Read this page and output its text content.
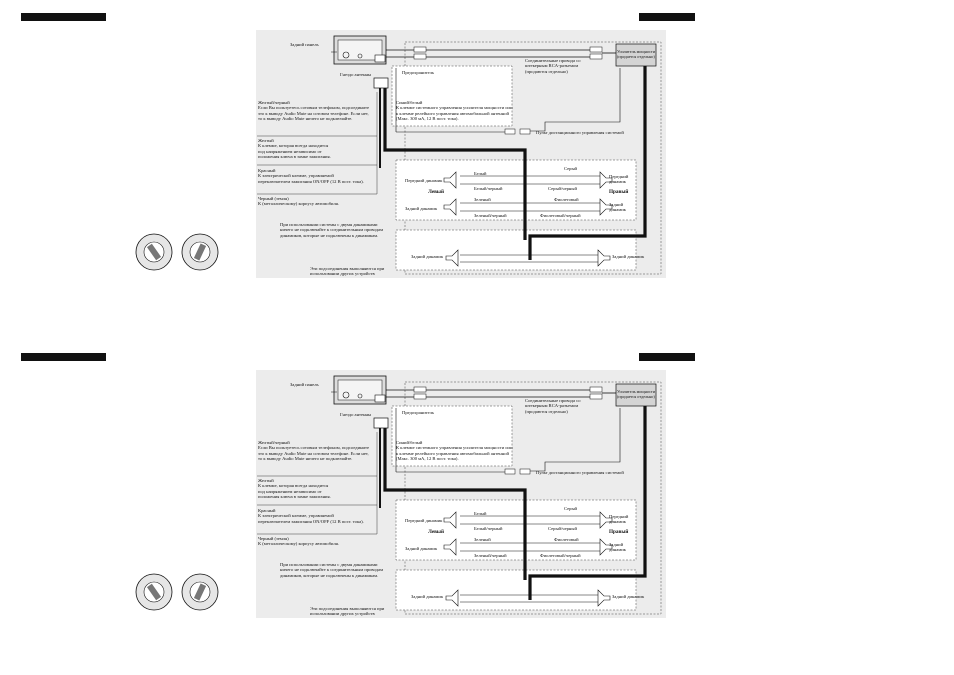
Задний панель
Гнездо антенны	Предохранитель
Соединительные провода со
штекерным RCA-разъемом
(продаются отдельно)
Усилитель мощности
(продается отдельно)
Синий/белый
К клемме системного управления усилителя мощности или
к клемме релейного управления автомобильной антенной
(Макс. 300 мА, 12 В пост. тока).
Пульт дистанционного управления системой
Желтый/черный
Если Вы пользуетесь сотовым телефоном, подсоедините
это к выводу Audio Mute на сотовом телефоне. Если нет,
то к выводу Audio Mute ничего не подключайте.
Желтый
К клемме, которая всегда находится
под напряжением независимо от
положения ключа в замке зажигания.
Красный
К электрической клемме, управляемой
переключателем зажигания ON/OFF (12 В пост. тока).
Черный (земля)
К (металлическому) корпусу автомобиля.
Передний динамик
Задний динамик
Левый
Передний
динамик
Задний
динамик
Правый
Белый
Белый/черный
Серый
Серый/черный
Зеленый
Зеленый/черный
Фиолетовый
Фиолетовый/черный
При использовании системы с двумя динамиками
ничего не подключайте к соединительным проводам
динамиков, которые не подключены к динамикам.
Задний динамик	Задний динамик
Эти подсоединения выполняются при
использовании других устройств
Задний панель
Гнездо антенны	Предохранитель
Соединительные провода со
штекерным RCA-разъемом
(продаются отдельно)
Усилитель мощности
(продается отдельно)
Синий/белый
К клемме системного управления усилителя мощности или
к клемме релейного управления автомобильной антенной
(Макс. 300 мА, 12 В пост. тока).
Пульт дистанционного управления системой
Желтый/черный
Если Вы пользуетесь сотовым телефоном, подсоедините
это к выводу Audio Mute на сотовом телефоне. Если нет,
то к выводу Audio Mute ничего не подключайте.
Желтый
К клемме, которая всегда находится
под напряжением независимо от
положения ключа в замке зажигания.
Красный
К электрической клемме, управляемой
переключателем зажигания ON/OFF (12 В пост. тока).
Черный (земля)
К (металлическому) корпусу автомобиля.
Передний динамик
Задний динамик
Левый
Передний
динамик
Задний
динамик
Правый
Белый
Белый/черный
Серый
Серый/черный
Зеленый
Зеленый/черный
Фиолетовый
Фиолетовый/черный
При использовании системы с двумя динамиками
ничего не подключайте к соединительным проводам
динамиков, которые не подключены к динамикам.
Задний динамик	Задний динамик
Эти подсоединения выполняются при
использовании других устройств
